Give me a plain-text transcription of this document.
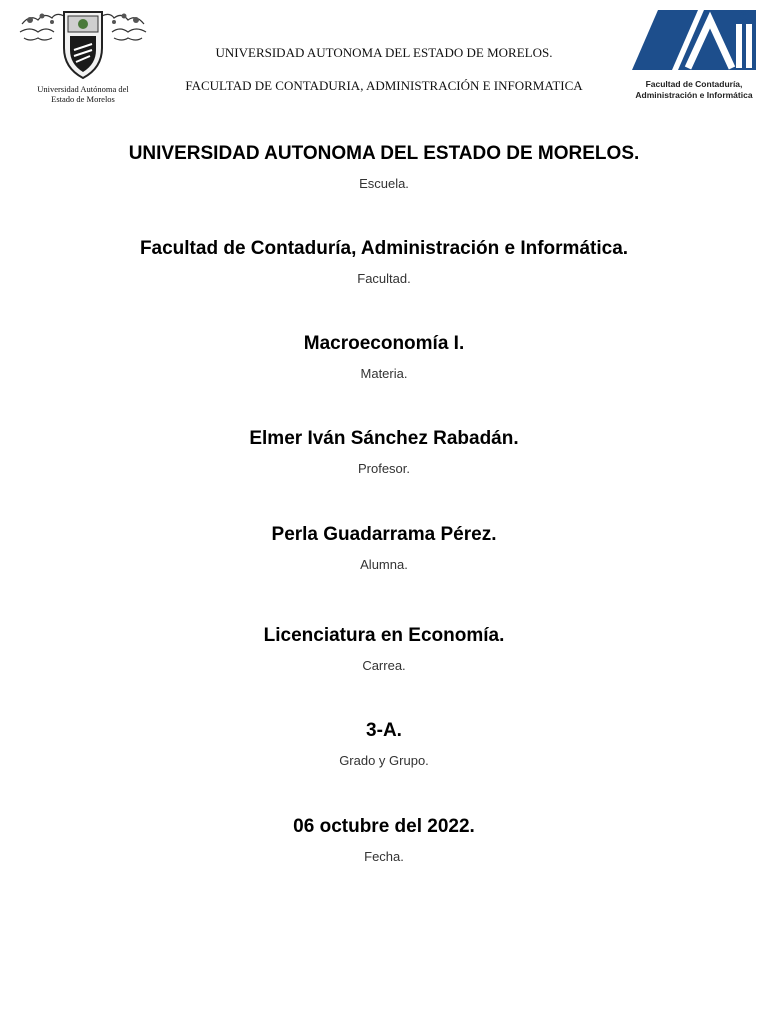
Universidad Autónoma del
Estado de Morelos
UNIVERSIDAD AUTONOMA DEL ESTADO DE MORELOS.
FACULTAD DE CONTADURIA, ADMINISTRACIÓN E INFORMATICA
e
Facultad de Contaduría,
Administración e Informática
UNIVERSIDAD AUTONOMA DEL ESTADO DE MORELOS.
Escuela.
Facultad de Contaduría, Administración e Informática.
Facultad.
Macroeconomía I.
Materia.
Elmer Iván Sánchez Rabadán.
Profesor.
Perla Guadarrama Pérez.
Alumna.
Licenciatura en Economía.
Carrea.
3-A.
Grado y Grupo.
06 octubre del 2022.
Fecha.
